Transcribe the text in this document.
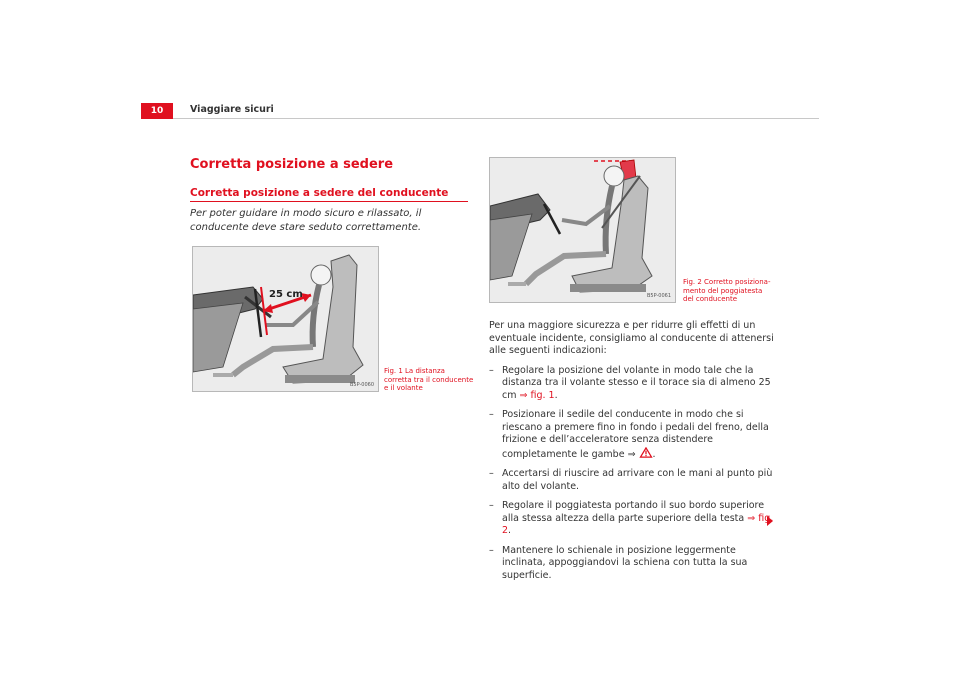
10	Viaggiare sicuri
Corretta posizione a sedere
Corretta posizione a sedere del conducente
Per poter guidare in modo sicuro e rilassato, il conducente deve stare seduto correttamente.
25 cm
B5P-0060
Fig. 1 La distanza corretta tra il conducente e il volante
B5P-0061
Fig. 2 Corretto posizionamento del poggiatesta del conducente

Per una maggiore sicurezza e per ridurre gli effetti di un eventuale incidente, consigliamo al conducente di attenersi alle seguenti indicazioni:

– Regolare la posizione del volante in modo tale che la distanza tra il volante stesso e il torace sia di almeno 25 cm ⇒ fig. 1.

– Posizionare il sedile del conducente in modo che si riescano a premere fino in fondo i pedali del freno, della frizione e dell’acceleratore senza distendere completamente le gambe ⇒ .

– Accertarsi di riuscire ad arrivare con le mani al punto più alto del volante.

– Regolare il poggiatesta portando il suo bordo superiore alla stessa altezza della parte superiore della testa ⇒ fig. 2.

– Mantenere lo schienale in posizione leggermente inclinata, appoggiandovi la schiena con tutta la sua superficie.
